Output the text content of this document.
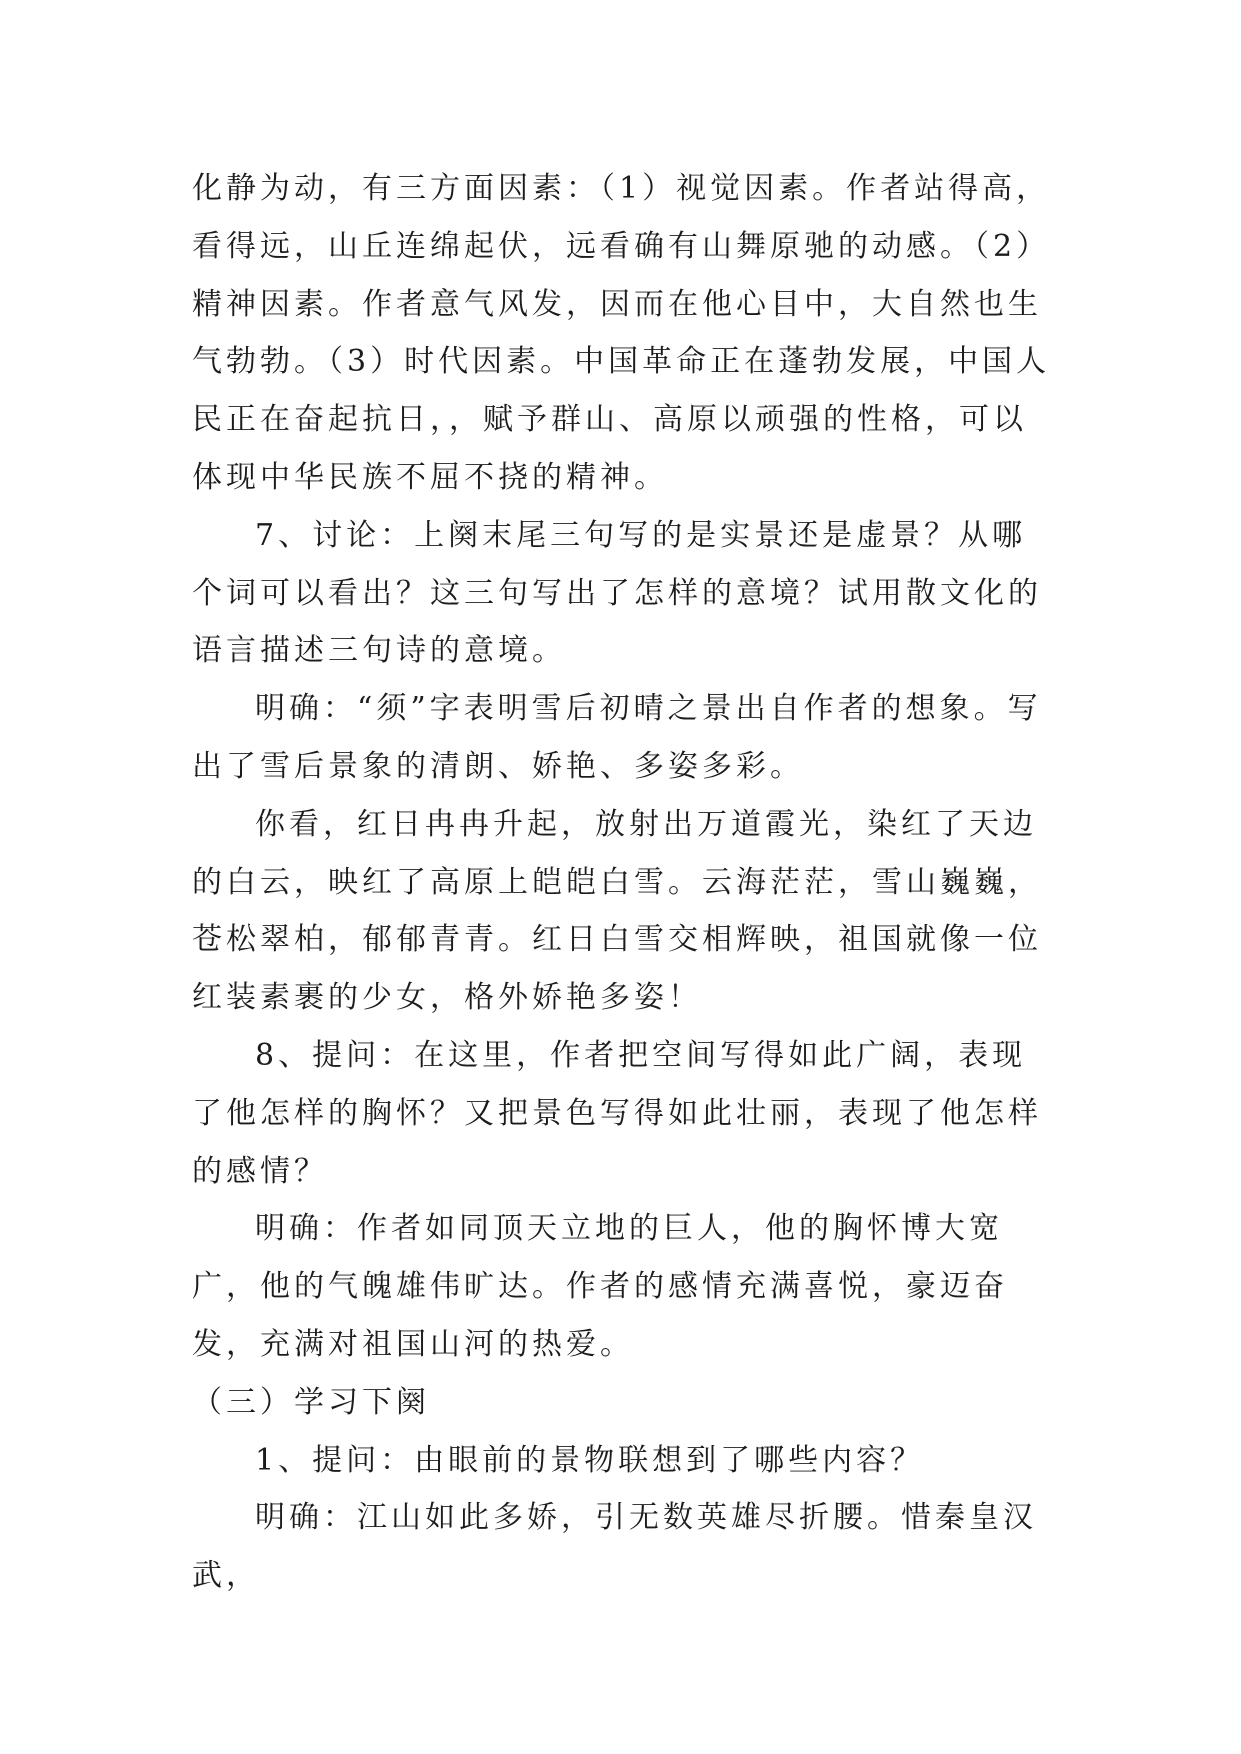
化静为动，有三方面因素：（1）视觉因素。作者站得高，看得远，山丘连绵起伏，远看确有山舞原驰的动感。（2）精神因素。作者意气风发，因而在他心目中，大自然也生气勃勃。（3）时代因素。中国革命正在蓬勃发展，中国人民正在奋起抗日，，赋予群山、高原以顽强的性格，可以体现中华民族不屈不挠的精神。

7、讨论：上阕末尾三句写的是实景还是虚景？从哪个词可以看出？这三句写出了怎样的意境？试用散文化的语言描述三句诗的意境。

明确：“须”字表明雪后初晴之景出自作者的想象。写出了雪后景象的清朗、娇艳、多姿多彩。

你看，红日冉冉升起，放射出万道霞光，染红了天边的白云，映红了高原上皑皑白雪。云海茫茫，雪山巍巍，苍松翠柏，郁郁青青。红日白雪交相辉映，祖国就像一位红装素裹的少女，格外娇艳多姿！

8、提问：在这里，作者把空间写得如此广阔，表现了他怎样的胸怀？又把景色写得如此壮丽，表现了他怎样的感情？

明确：作者如同顶天立地的巨人，他的胸怀博大宽广，他的气魄雄伟旷达。作者的感情充满喜悦，豪迈奋发，充满对祖国山河的热爱。

（三）学习下阕

1、提问：由眼前的景物联想到了哪些内容？

明确：江山如此多娇，引无数英雄尽折腰。惜秦皇汉武，
